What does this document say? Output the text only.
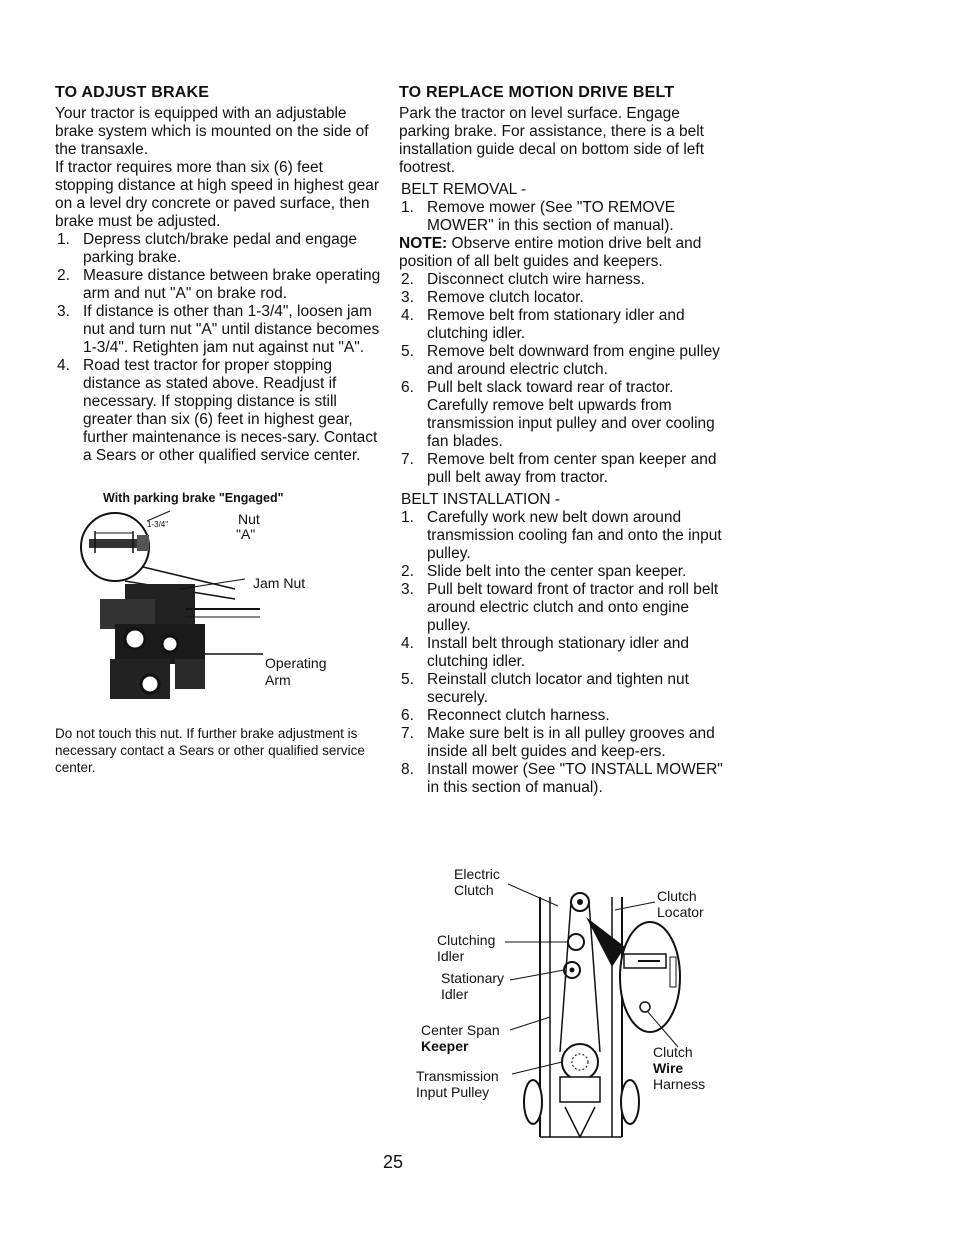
TO ADJUST BRAKE

Your tractor is equipped with an adjustable brake system which is mounted on the side of the transaxle.

If tractor requires more than six (6) feet stopping distance at high speed in highest gear on a level dry concrete or paved surface, then brake must be adjusted.

1. Depress clutch/brake pedal and engage parking brake.
2. Measure distance between brake operating arm and nut "A" on brake rod.
3. If distance is other than 1-3/4", loosen jam nut and turn nut "A" until distance becomes 1-3/4". Retighten jam nut against nut "A".
4. Road test tractor for proper stopping distance as stated above. Readjust if necessary. If stopping distance is still greater than six (6) feet in highest gear, further maintenance is neces-sary. Contact a Sears or other qualified service center.
With parking brake "Engaged"
1-3/4"	Nut
"A"
Jam Nut
Operating
Arm
Do not touch this nut. If further brake adjustment is necessary contact a Sears or other qualified service center.
TO REPLACE MOTION DRIVE BELT

Park the tractor on level surface. Engage parking brake. For assistance, there is a belt installation guide decal on bottom side of left footrest.

BELT REMOVAL -
1. Remove mower (See "TO REMOVE MOWER" in this section of manual).

NOTE: Observe entire motion drive belt and position of all belt guides and keepers.

2. Disconnect clutch wire harness.
3. Remove clutch locator.
4. Remove belt from stationary idler and clutching idler.
5. Remove belt downward from engine pulley and around electric clutch.
6. Pull belt slack toward rear of tractor. Carefully remove belt upwards from transmission input pulley and over cooling fan blades.
7. Remove belt from center span keeper and pull belt away from tractor.
BELT INSTALLATION -
1. Carefully work new belt down around transmission cooling fan and onto the input pulley.
2. Slide belt into the center span keeper.
3. Pull belt toward front of tractor and roll belt around electric clutch and onto engine pulley.
4. Install belt through stationary idler and clutching idler.
5. Reinstall clutch locator and tighten nut securely.
6. Reconnect clutch harness.
7. Make sure belt is in all pulley grooves and inside all belt guides and keep-ers.
8. Install mower (See "TO INSTALL MOWER" in this section of manual).
Electric
Clutch
Clutching
Idler
Stationary
Idler
Center Span
Keeper
Transmission
Input Pulley
Clutch
Locator
Clutch
Wire
Harness
25
